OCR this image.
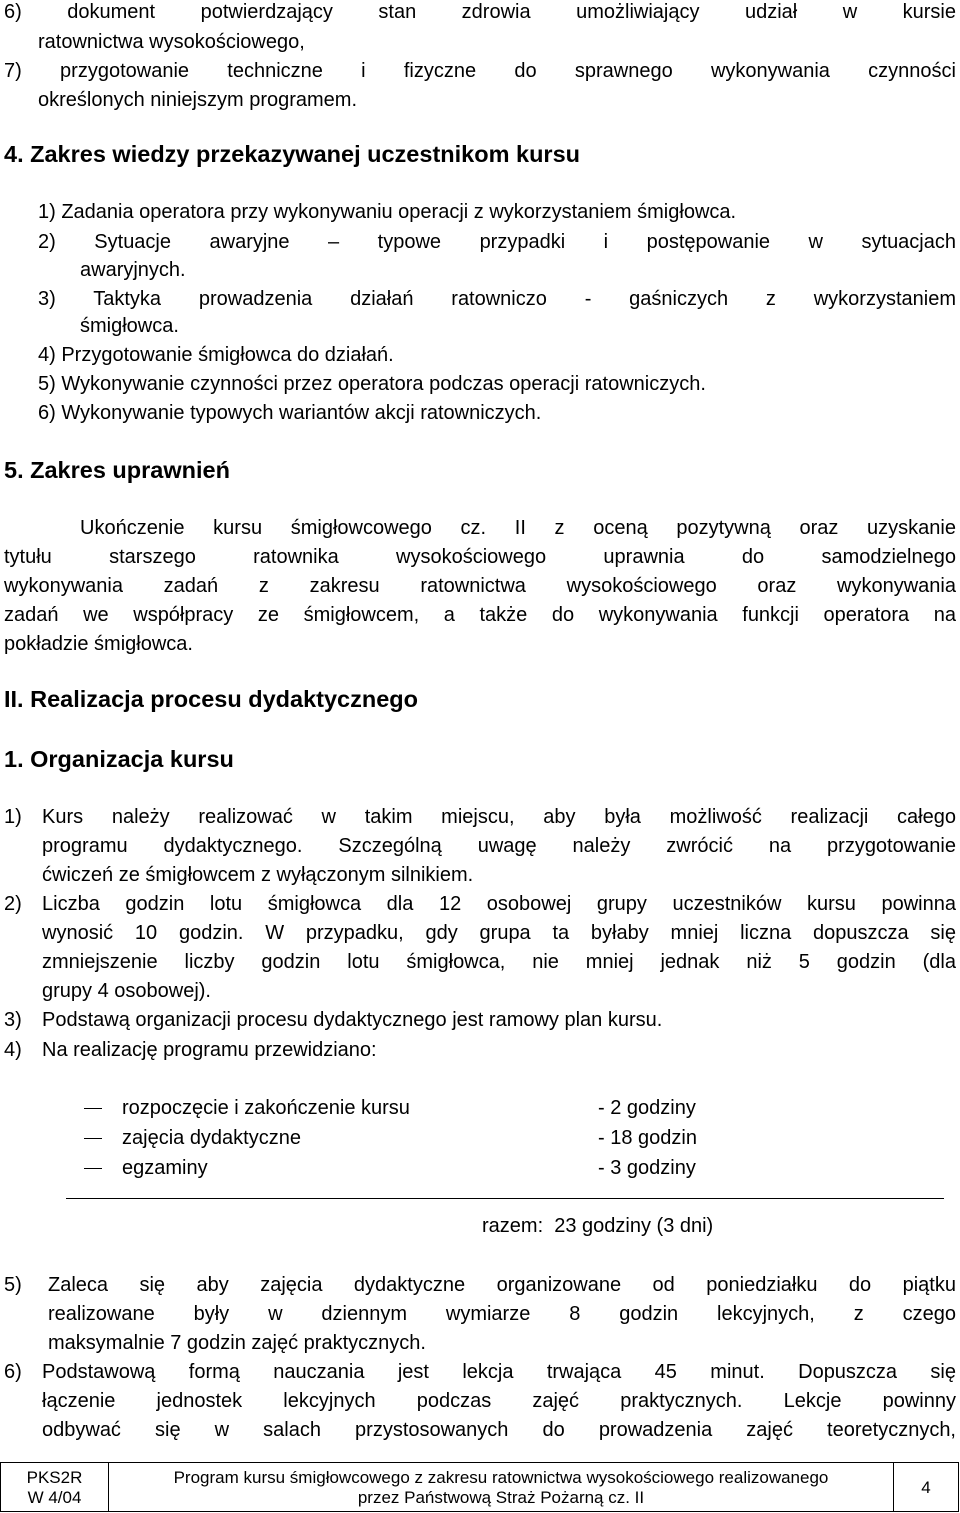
6) dokument potwierdzający stan zdrowia umożliwiający udział w kursie
ratownictwa wysokościowego,
7) przygotowanie techniczne i fizyczne do sprawnego wykonywania czynności
określonych niniejszym programem.
4. Zakres wiedzy przekazywanej uczestnikom kursu
1) Zadania operatora przy wykonywaniu operacji z wykorzystaniem śmigłowca.
2) Sytuacje awaryjne – typowe przypadki i postępowanie w sytuacjach
awaryjnych.
3) Taktyka prowadzenia działań ratowniczo - gaśniczych z wykorzystaniem
śmigłowca.
4) Przygotowanie śmigłowca do działań.
5) Wykonywanie czynności przez operatora podczas operacji ratowniczych.
6) Wykonywanie typowych wariantów akcji ratowniczych.
5. Zakres uprawnień
Ukończenie kursu śmigłowcowego cz. II z oceną pozytywną oraz uzyskanie
tytułu starszego ratownika wysokościowego uprawnia do samodzielnego
wykonywania zadań z zakresu ratownictwa wysokościowego oraz wykonywania
zadań we współpracy ze śmigłowcem, a także do wykonywania funkcji operatora na
pokładzie śmigłowca.
II. Realizacja procesu dydaktycznego
1. Organizacja kursu
1) Kurs należy realizować w takim miejscu, aby była możliwość realizacji całego
programu dydaktycznego. Szczególną uwagę należy zwrócić na przygotowanie
ćwiczeń ze śmigłowcem z wyłączonym silnikiem.
2) Liczba godzin lotu śmigłowca dla 12 osobowej grupy uczestników kursu powinna
wynosić 10 godzin. W przypadku, gdy grupa ta byłaby mniej liczna dopuszcza się
zmniejszenie liczby godzin lotu śmigłowca, nie mniej jednak niż 5 godzin (dla
grupy 4 osobowej).
3) Podstawą organizacji procesu dydaktycznego jest ramowy plan kursu.
4) Na realizację programu przewidziano:
rozpoczęcie i zakończenie kursu	- 2 godziny
zajęcia dydaktyczne	- 18 godzin
egzaminy	- 3 godziny
razem:  23 godziny (3 dni)
5) Zaleca się aby zajęcia dydaktyczne organizowane od poniedziałku do piątku
realizowane były w dziennym wymiarze 8 godzin lekcyjnych, z czego
maksymalnie 7 godzin zajęć praktycznych.
6) Podstawową formą nauczania jest lekcja trwająca 45 minut. Dopuszcza się
łączenie jednostek lekcyjnych podczas zajęć praktycznych. Lekcje powinny
odbywać się w salach przystosowanych do prowadzenia zajęć teoretycznych,
PKS2R
W 4/04

Program kursu śmigłowcowego z zakresu ratownictwa wysokościowego realizowanego
przez Państwową Straż Pożarną cz. II
	4
